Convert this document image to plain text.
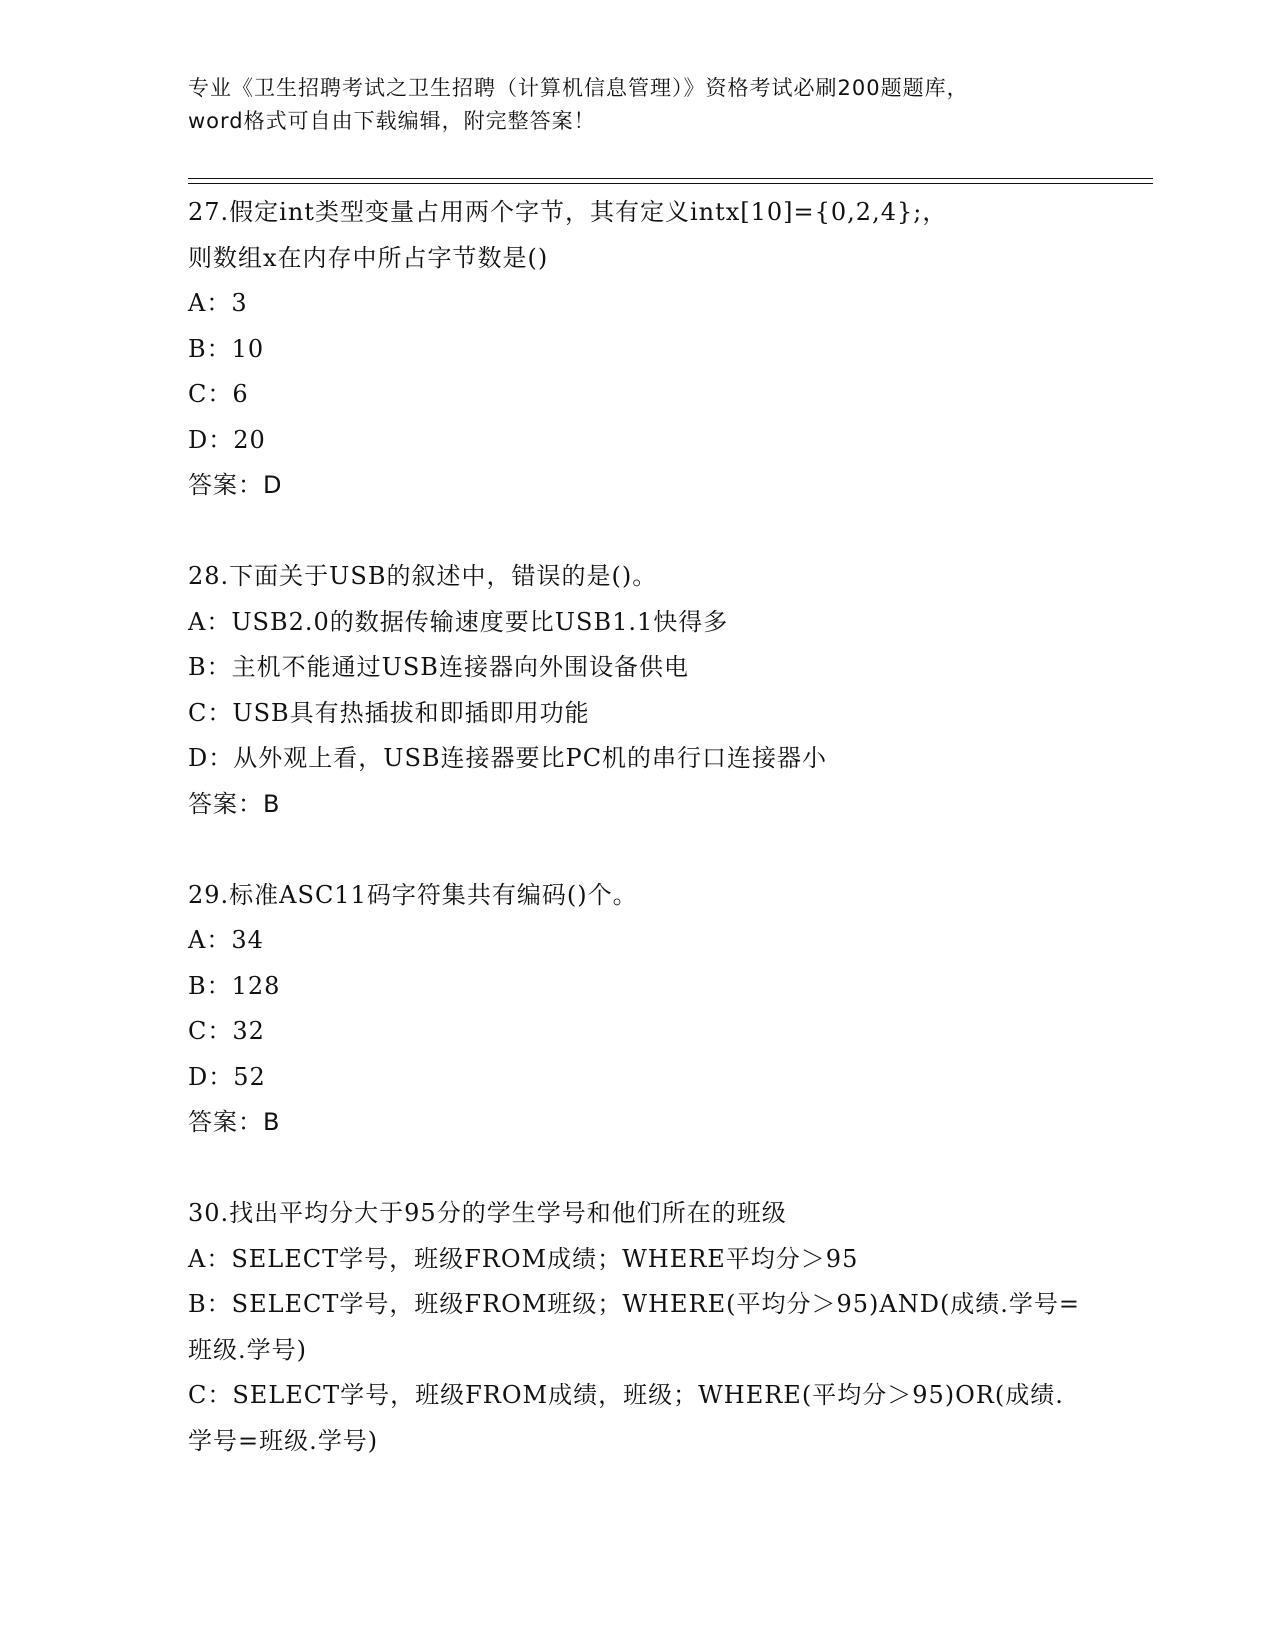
专业《卫生招聘考试之卫生招聘（计算机信息管理）》资格考试必刷200题题库，
word格式可自由下载编辑，附完整答案！
27.假定int类型变量占用两个字节，其有定义intx[10]={0,2,4};，
则数组x在内存中所占字节数是()
A：3
B：10
C：6
D：20
答案：D
28.下面关于USB的叙述中，错误的是()。
A：USB2.0的数据传输速度要比USB1.1快得多
B：主机不能通过USB连接器向外围设备供电
C：USB具有热插拔和即插即用功能
D：从外观上看，USB连接器要比PC机的串行口连接器小
答案：B
29.标准ASC11码字符集共有编码()个。
A：34
B：128
C：32
D：52
答案：B
30.找出平均分大于95分的学生学号和他们所在的班级
A：SELECT学号，班级FROM成绩；WHERE平均分＞95
B：SELECT学号，班级FROM班级；WHERE(平均分＞95)AND(成绩.学号=
班级.学号)
C：SELECT学号，班级FROM成绩，班级；WHERE(平均分＞95)OR(成绩.
学号=班级.学号)
